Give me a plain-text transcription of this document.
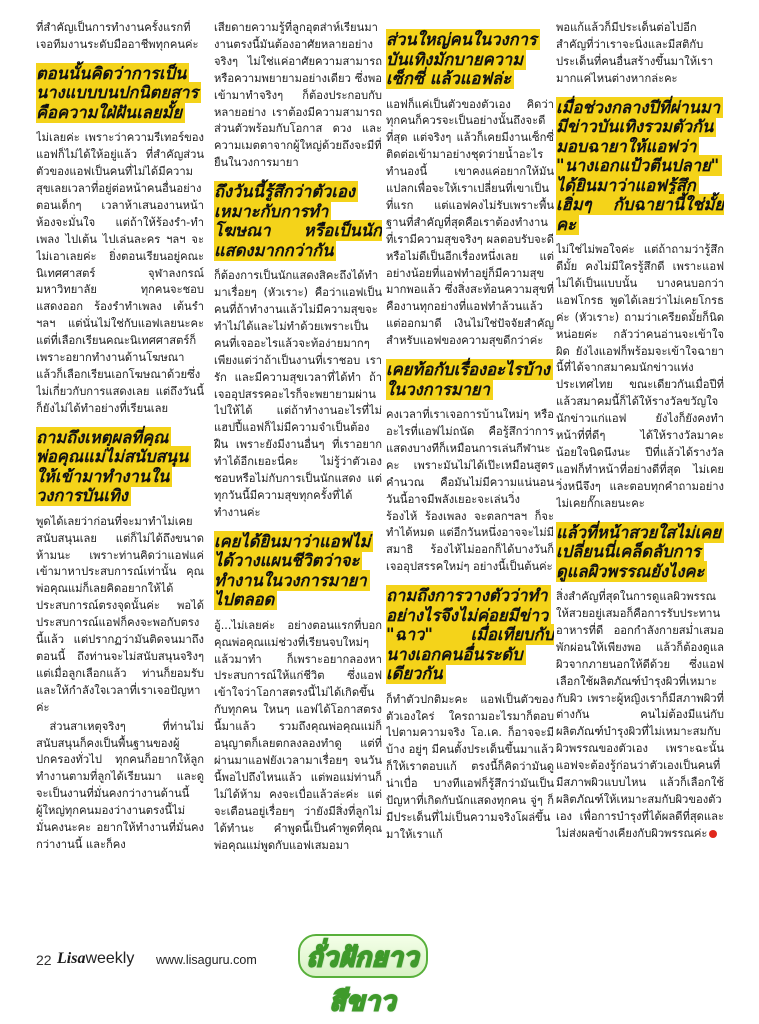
ที่สำคัญเป็นการทำงานครั้งแรกที่เจอทีมงานระดับมืออาชีพทุกคนค่ะ

ตอนนั้นคิดว่าการเป็นนางแบบบนปกนิตยสารคือความใฝ่ฝันเลยมั้ย

ไม่เลยค่ะ เพราะว่าความรีเทอร์ของแอฟก็ไม่ได้ให้อยู่แล้ว ที่สำคัญส่วนตัวของแอฟเป็นคนที่ไม่ได้มีความสุขเลยเวลาที่อยู่ต่อหน้าคนอื่นอย่างตอนเด็กๆ เวลาห้าเสนองานหน้าห้องจะมั่นใจ แต่ถ้าให้ร้องรำ-ทำเพลง ไปเต้น ไปเล่นละคร ฯลฯ จะไม่เอาเลยค่ะ ยิ่งตอนเรียนอยู่คณะนิเทศศาสตร์ จุฬาลงกรณ์มหาวิทยาลัย ทุกคนจะชอบแสดงออก ร้องรำทำเพลง เต้นรำ ฯลฯ แต่นั่นไม่ใช่กับแอฟเลยนะคะ แต่ที่เลือกเรียนคณะนิเทศศาสตร์ก็เพราะอยากทำงานด้านโฆษณา แล้วก็เลือกเรียนเอกโฆษณาด้วยซึ่งไม่เกี่ยวกับการแสดงเลย แต่ถึงวันนี้ก็ยังไม่ได้ทำอย่างที่เรียนเลย

ถามถึงเหตุผลที่คุณพ่อคุณแม่ไม่สนับสนุนให้เข้ามาทำงานในวงการบันเทิง

พูดได้เลยว่าก่อนที่จะมาทำไม่เคยสนับสนุนเลย แต่ก็ไม่ได้ถึงขนาดห้ามนะ เพราะท่านคิดว่าแอฟแค่เข้ามาหาประสบการณ์เท่านั้น คุณพ่อคุณแม่ก็เลยคิดอยากให้ได้ประสบการณ์ตรงจุดนั้นค่ะ พอได้ประสบการณ์แอฟก็คงจะพอกับตรงนี้แล้ว แต่ปรากฏว่ามันติดจนมาถึงตอนนี้ ถึงท่านจะไม่สนับสนุนจริงๆ แต่เมื่อลูกเลือกแล้ว ท่านก็ยอมรับและให้กำลังใจเวลาที่เราเจอปัญหาค่ะ

ส่วนสาเหตุจริงๆ ที่ท่านไม่สนับสนุนก็คงเป็นพื้นฐานของผู้ปกครองทั่วไป ทุกคนก็อยากให้ลูกทำงานตามที่ลูกได้เรียนมา และดูจะเป็นงานที่มั่นคงกว่างานด้านนี้ ผู้ใหญ่ทุกคนมองว่างานตรงนี้ไม่มั่นคงนะคะ อยากให้ทำงานที่มั่นคงกว่างานนี้ และก็คง

เสียดายความรู้ที่ลูกอุตส่าห์เรียนมา งานตรงนี้มันต้องอาศัยหลายอย่างจริงๆ ไม่ใช่แค่อาศัยความสามารถหรือความพยายามอย่างเดียว ซึ่งพอเข้ามาทำจริงๆ ก็ต้องประกอบกับหลายอย่าง เราต้องมีความสามารถส่วนตัวพร้อมกับโอกาส ดวง และความเมตตาจากผู้ใหญ่ด้วยถึงจะมีที่ยืนในวงการมายา

ถึงวันนี้รู้สึกว่าตัวเองเหมาะกับการทำโฆษณา หรือเป็นนักแสดงมากกว่ากัน

ก็ต้องการเป็นนักแสดงสิคะถึงได้ทำมาเรื่อยๆ (หัวเราะ) คือว่าแอฟเป็นคนที่ถ้าทำงานแล้วไม่มีความสุขจะทำไม่ได้และไม่ทำด้วยเพราะเป็นคนที่เจออะไรแล้วจะท้อง่ายมากๆ เพียงแต่ว่าถ้าเป็นงานที่เราชอบ เรารัก และมีความสุขเวลาที่ได้ทำ ถ้าเจออุปสรรคอะไรก็จะพยายามผ่านไปให้ได้ แต่ถ้าทำงานอะไรที่ไม่แฮปปี้แอฟก็ไม่มีความจำเป็นต้องฝืน เพราะยังมีงานอื่นๆ ที่เราอยากทำได้อีกเยอะนี่คะ ไม่รู้ว่าตัวเองชอบหรือไม่กับการเป็นนักแสดง แต่ทุกวันนี้มีความสุขทุกครั้งที่ได้ทำงานค่ะ

เคยได้ยินมาว่าแอฟไม่ได้วางแผนชีวิตว่าจะทำงานในวงการมายาไปตลอด

อู้...ไม่เลยค่ะ อย่างตอนแรกที่บอกคุณพ่อคุณแม่ช่วงที่เรียนจบใหม่ๆ แล้วมาทำ ก็เพราะอยากลองหาประสบการณ์ให้แก่ชีวิต ซึ่งแอฟเข้าใจว่าโอกาสตรงนี้ไม่ได้เกิดขึ้นกับทุกคน ใหนๆ แอฟได้โอกาสตรงนี้มาแล้ว รวมถึงคุณพ่อคุณแม่ก็อนุญาตก็เลยตกลงลองทำดู แต่ที่ผ่านมาแอฟยังเวลามาเรื่อยๆ จนวันนี้พอไปถึงไหนแล้ว แต่พอแม่ท่านก็ไม่ได้ห้าม คงจะเบื่อแล้วล่ะค่ะ แต่จะเตือนอยู่เรื่อยๆ ว่ายังมีสิ่งที่ลูกไม่ได้ทำนะ คำพูดนี้เป็นคำพูดที่คุณพ่อคุณแม่พูดกับแอฟเสมอมา

ส่วนใหญ่คนในวงการบันเทิงมักบายความเซ็กซี่ แล้วแอฟล่ะ

แอฟก็แค่เป็นตัวของตัวเอง คิดว่าทุกคนก็ควรจะเป็นอย่างนั้นถึงจะดีที่สุด แต่จริงๆ แล้วก็เคยมีงานเซ็กซี่ติดต่อเข้ามาอย่างชุดว่ายน้ำอะไรทำนองนี้ เขาคงแค่อยากให้มันแปลกเพื่อจะให้เราเปลี่ยนที่เขาเป็นที่แรก แต่แอฟคงไม่รับเพราะพื้นฐานที่สำคัญที่สุดคือเราต้องทำงานที่เรามีความสุขจริงๆ ผลตอบรับจะดีหรือไม่ดีเป็นอีกเรื่องหนึ่งเลย แต่อย่างน้อยที่แอฟทำอยู่ก็มีความสุขมากพอแล้ว ซึ่งสิ่งสะท้อนความสุขที่คืองานทุกอย่างที่แอฟทำล้วนแล้วแต่ออกมาดี เงินไม่ใช่ปัจจัยสำคัญสำหรับแอฟของความสุขดีกว่าค่ะ

เคยท้อกับเรื่องอะไรบ้างในวงการมายา

คงเวลาที่เราเจอการบ้านใหม่ๆ หรืออะไรที่แอฟไม่ถนัด คือรู้สึกว่าการแสดงบางทีก็เหมือนการเล่นกีฬานะคะ เพราะมันไม่ได้เป๊ะเหมือนสูตรคำนวณ คือมันไม่มีความแน่นอน วันนี้อาจมีพลังเยอะจะเล่นวิ่ง ร้องไห้ ร้องเพลง จะตลกฯลฯ ก็จะทำได้หมด แต่อีกวันหนึ่งอาจจะไม่มีสมาธิ ร้องไห้ไม่ออกก็ได้บางวันก็เจออุปสรรคใหม่ๆ อย่างนี้เป็นต้นค่ะ

ถามถึงการวางตัวว่าทำอย่างไรจึงไม่ค่อยมีข่าว "ฉาว" เมื่อเทียบกับนางเอกคนอื่นระดับเดียวกัน

ก็ทำตัวปกติมะคะ แอฟเป็นตัวของตัวเองใคร่ ใครถามอะไรมาก็ตอบไปตามความจริง โอ.เค. ก็อาจจะมีบ้าง อยู่ๆ มีคนตั้งประเด็นขึ้นมาแล้วก็ให้เราตอบแก้ ตรงนี้ก็คิดว่ามันดูน่าเบื่อ บางทีแอฟก็รู้สึกว่ามันเป็นปัญหาที่เกิดกับนักแสดงทุกคน จู่ๆ ก็มีประเด็นที่ไม่เป็นความจริงโผล่ขึ้นมาให้เราแก้

พอแก้แล้วก็มีประเด็นต่อไปอีก สำคัญที่ว่าเราจะนิ่งและมีสติกับประเด็นที่คนอื่นสร้างขึ้นมาให้เรามากแค่ไหนต่างหากล่ะคะ

เมื่อช่วงกลางปีที่ผ่านมามีข่าวบันเทิงรวมตัวกันมอบฉายาให้แอฟว่า "นางเอกแป้วตีนปลาย" ได้ยินมาว่าแอฟรู้สึกเฮิ่มๆ กับฉายานี้ใช่มั้ยคะ

ไม่ใช่ไม่พอใจค่ะ แต่ถ้าถามว่ารู้สึกดีมั้ย คงไม่มีใครรู้สึกดี เพราะแอฟไม่ได้เป็นแบบนั้น บางคนบอกว่าแอฟโกรธ พูดได้เลยว่าไม่เคยโกรธค่ะ (หัวเราะ) ถามว่าเครียดมั้ยก็นิดหน่อยค่ะ กลัวว่าคนอ่านจะเข้าใจผิด ยังไงแอฟก็พร้อมจะเข้าใจฉายานี้ที่ได้จากสมาคมนักข่าวแห่งประเทศไทย ขณะเดียวกันเมื่อปีที่แล้วสมาคมนี้ก็ได้ให้รางวัลขวัญใจนักข่าวแก่แอฟ ยังไงก็ยังคงทำหน้าที่ที่ดีๆ ได้ให้รางวัลมาคะน้อยใจนิดนึงนะ ปีที่แล้วได้รางวัลแอฟก็ทำหน้าที่อย่างดีที่สุด ไม่เคยวิ่งหนีจึงๆ และตอบทุกคำถามอย่างไม่เคยกั๊กเลยนะคะ

แล้วที่หน้าสวยใสไม่เคยเปลี่ยนนี่เคล็ดลับการดูแลผิวพรรณยังไงคะ

สิ่งสำคัญที่สุดในการดูแลผิวพรรณให้สวยอยู่เสมอก็คือการรับประทานอาหารที่ดี ออกกำลังกายสม่ำเสมอ พักผ่อนให้เพียงพอ แล้วก็ต้องดูแลผิวจากภายนอกให้ดีด้วย ซึ่งแอฟเลือกใช้ผลิตภัณฑ์บำรุงผิวที่เหมาะกับผิว เพราะผู้หญิงเราก็มีสภาพผิวที่ต่างกัน คนไม่ต้องมีแน่กับผลิตภัณฑ์บำรุงผิวที่ไม่เหมาะสมกับผิวพรรณของตัวเอง เพราะฉะนั้นแอฟจะต้องรู้ก่อนว่าตัวเองเป็นคนที่มีสภาพผิวแบบไหน แล้วก็เลือกใช้ผลิตภัณฑ์ให้เหมาะสมกับผิวของตัวเอง เพื่อการบำรุงที่ได้ผลดีที่สุดและไม่ส่งผลข้างเคียงกับผิวพรรณค่ะ

22 Lisaweekly www.lisaguru.com	ถั่วฝักยาวสีขาว
